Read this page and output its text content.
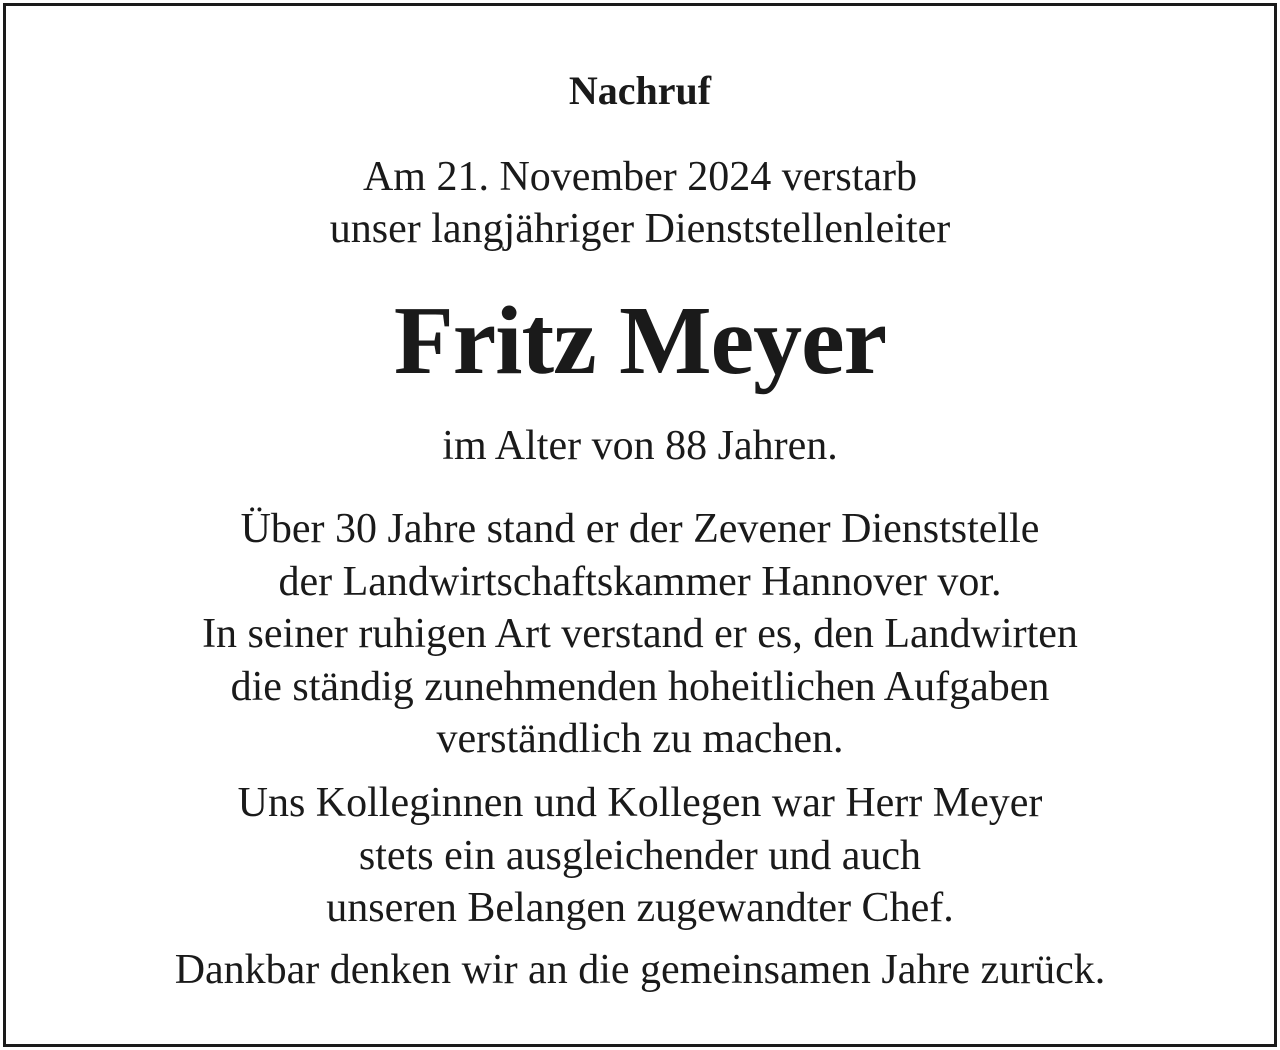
Nachruf

Am 21. November 2024 verstarb
unser langjähriger Dienststellenleiter

Fritz Meyer

im Alter von 88 Jahren.

Über 30 Jahre stand er der Zevener Dienststelle
der Landwirtschaftskammer Hannover vor.
In seiner ruhigen Art verstand er es, den Landwirten
die ständig zunehmenden hoheitlichen Aufgaben
verständlich zu machen.

Uns Kolleginnen und Kollegen war Herr Meyer
stets ein ausgleichender und auch
unseren Belangen zugewandter Chef.

Dankbar denken wir an die gemeinsamen Jahre zurück.
